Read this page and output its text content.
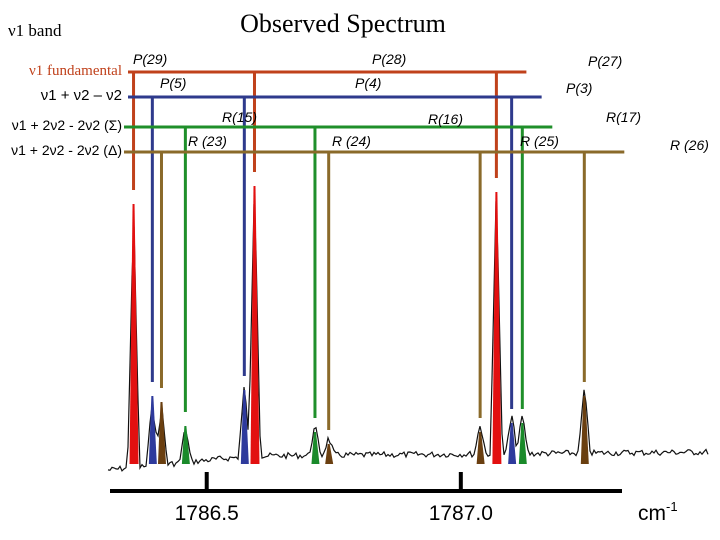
Observed Spectrum
ν1 band
ν1 fundamental
ν1 + ν2 – ν2
ν1 + 2ν2 - 2ν2 (Σ)
ν1 + 2ν2 - 2ν2 (Δ)
P(29)	P(28)	P(27)
P(5)	P(4)	P(3)
R(15)	R(16)	R(17)
R (23)	R (24)	R (25)	R (26)
1786.5	1787.0	$cm^{-1}$
